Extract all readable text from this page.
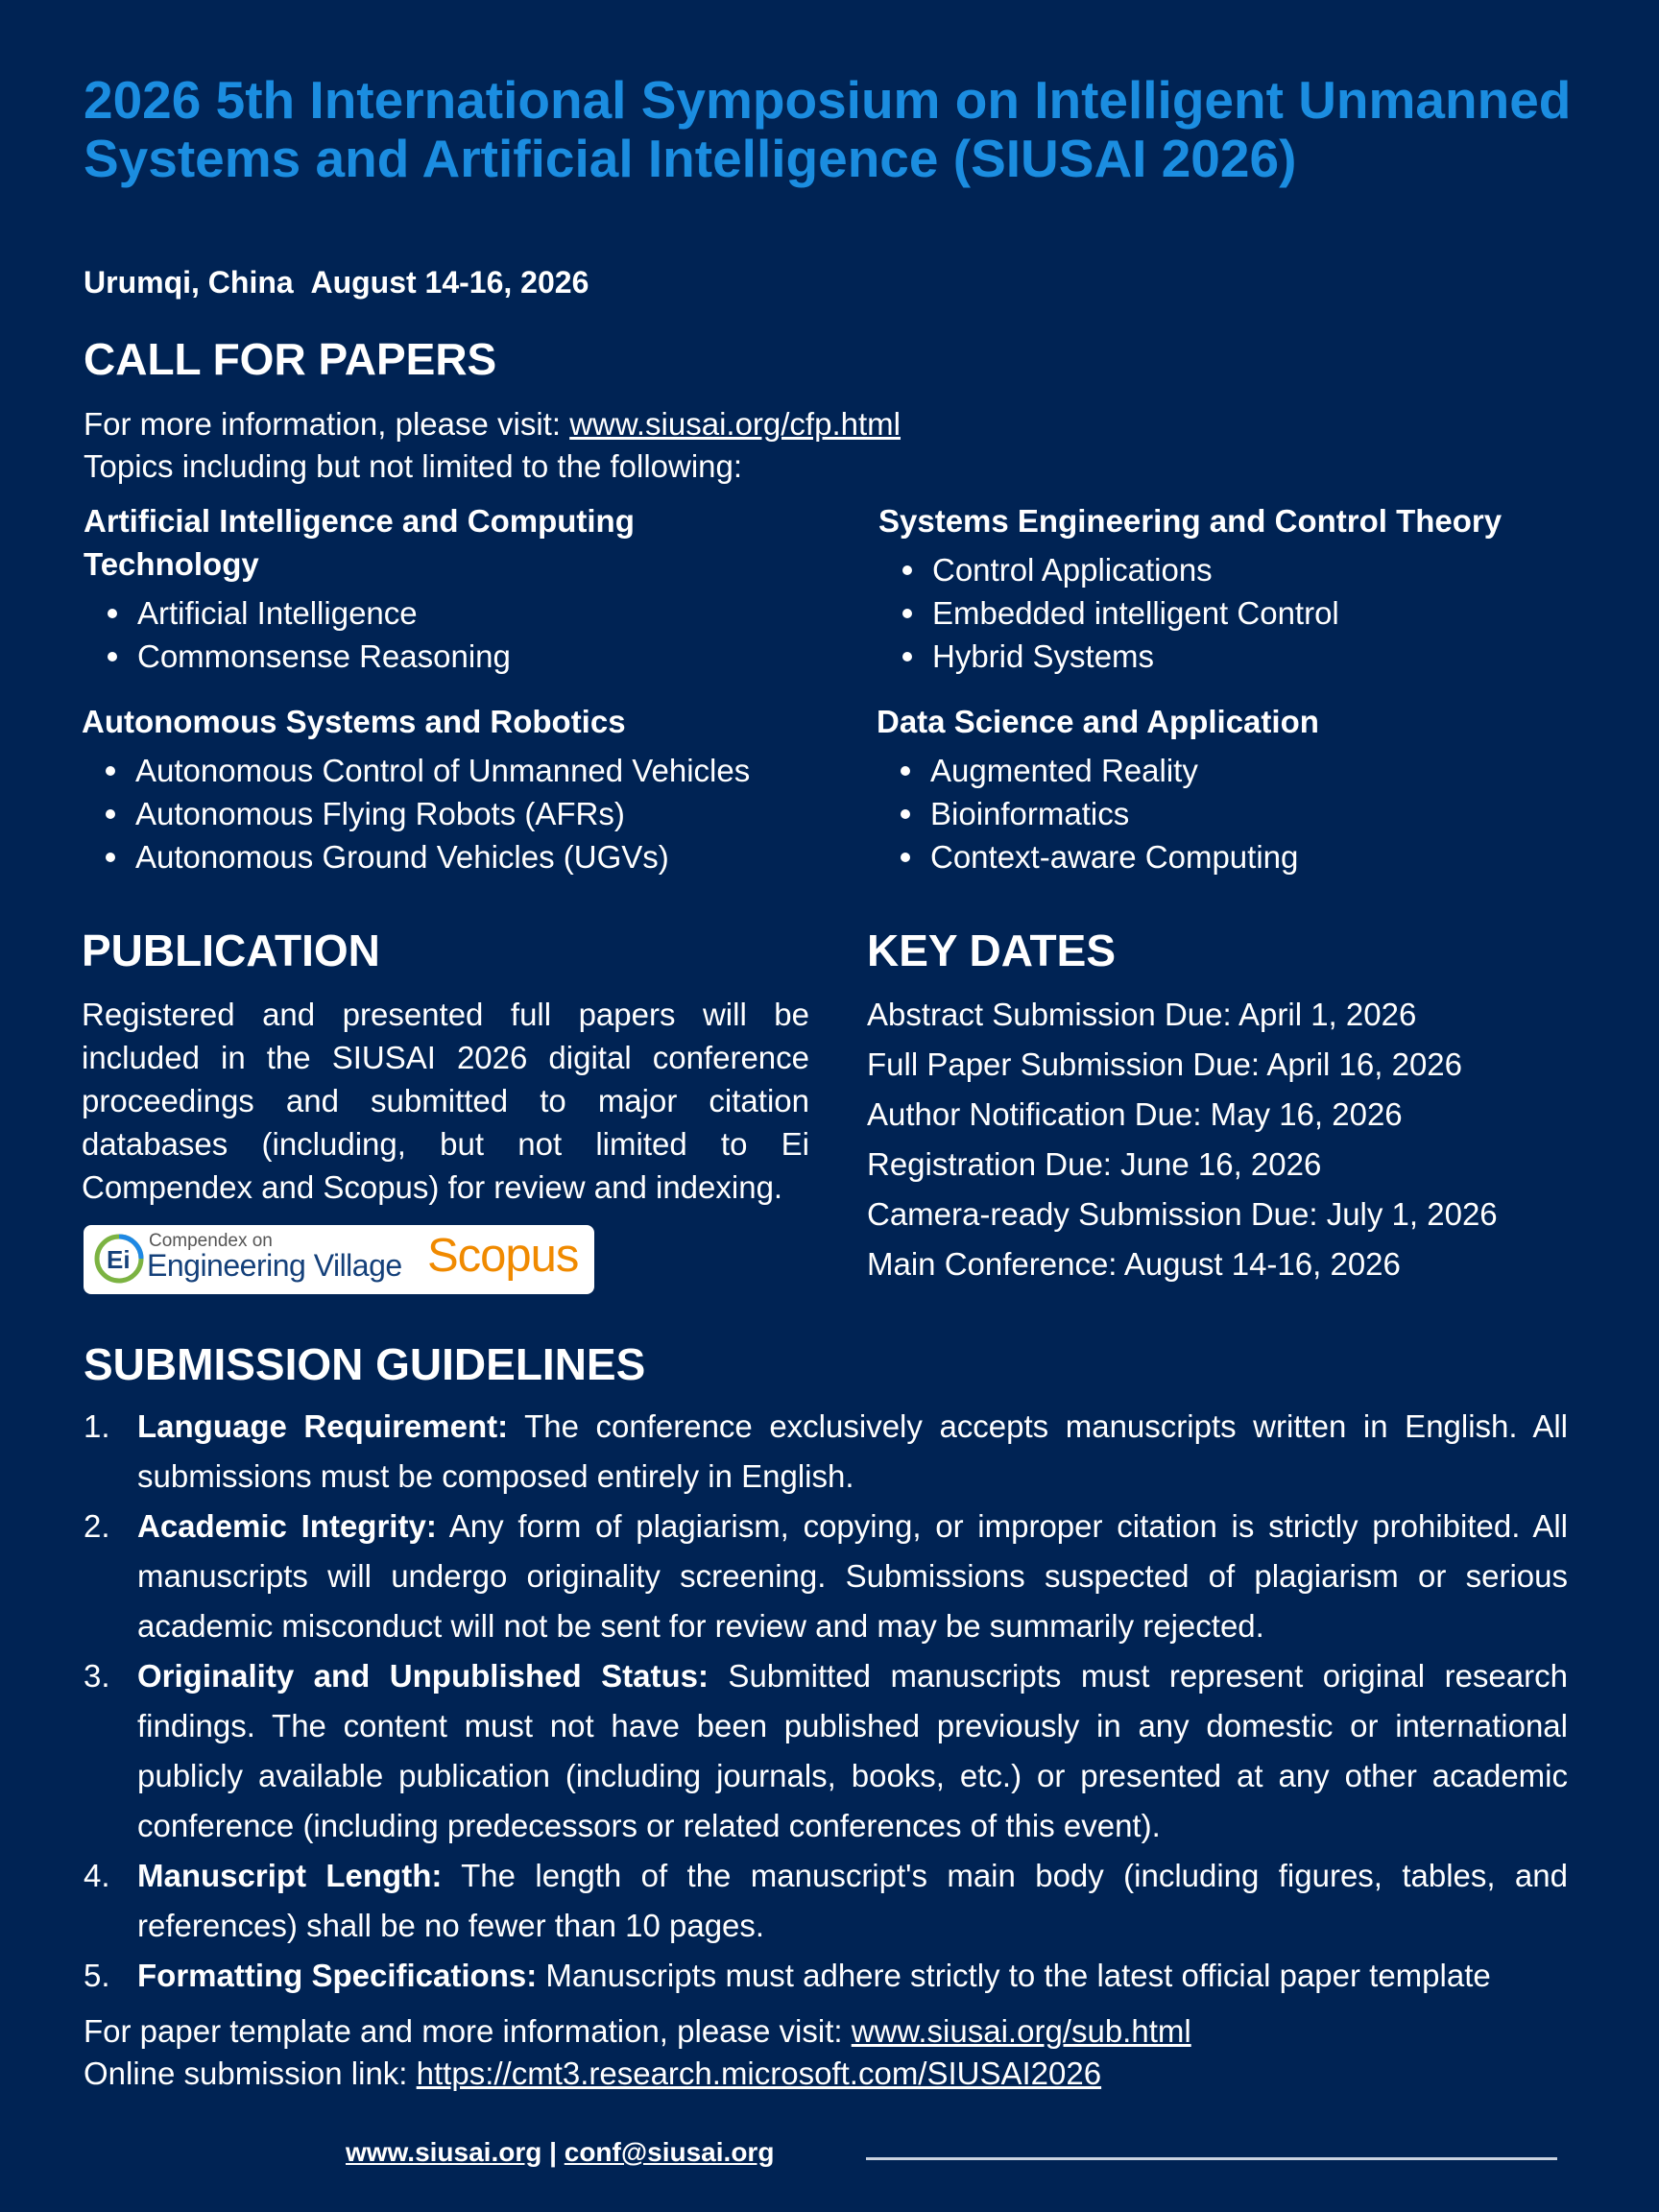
2026 5th International Symposium on Intelligent Unmanned Systems and Artificial Intelligence (SIUSAI 2026)
Urumqi, China August 14-16, 2026
CALL FOR PAPERS
For more information, please visit: www.siusai.org/cfp.html
Topics including but not limited to the following:
Artificial Intelligence and Computing Technology
Artificial Intelligence
Commonsense Reasoning
Systems Engineering and Control Theory
Control Applications
Embedded intelligent Control
Hybrid Systems
Autonomous Systems and Robotics
Autonomous Control of Unmanned Vehicles
Autonomous Flying Robots (AFRs)
Autonomous Ground Vehicles (UGVs)
Data Science and Application
Augmented Reality
Bioinformatics
Context-aware Computing
PUBLICATION

Registered and presented full papers will be included in the SIUSAI 2026 digital conference proceedings and submitted to major citation databases (including, but not limited to Ei Compendex and Scopus) for review and indexing.

Ei
Compendex on
Engineering Village Scopus
KEY DATES
Abstract Submission Due: April 1, 2026
Full Paper Submission Due: April 16, 2026
Author Notification Due: May 16, 2026
Registration Due: June 16, 2026
Camera-ready Submission Due: July 1, 2026
Main Conference: August 14-16, 2026
SUBMISSION GUIDELINES
1. Language Requirement: The conference exclusively accepts manuscripts written in English. All submissions must be composed entirely in English.
2. Academic Integrity: Any form of plagiarism, copying, or improper citation is strictly prohibited. All manuscripts will undergo originality screening. Submissions suspected of plagiarism or serious academic misconduct will not be sent for review and may be summarily rejected.
3. Originality and Unpublished Status: Submitted manuscripts must represent original research findings. The content must not have been published previously in any domestic or international publicly available publication (including journals, books, etc.) or presented at any other academic conference (including predecessors or related conferences of this event).
4. Manuscript Length: The length of the manuscript's main body (including figures, tables, and references) shall be no fewer than 10 pages.
5. Formatting Specifications: Manuscripts must adhere strictly to the latest official paper template
For paper template and more information, please visit: www.siusai.org/sub.html
Online submission link: https://cmt3.research.microsoft.com/SIUSAI2026
www.siusai.org | conf@siusai.org
